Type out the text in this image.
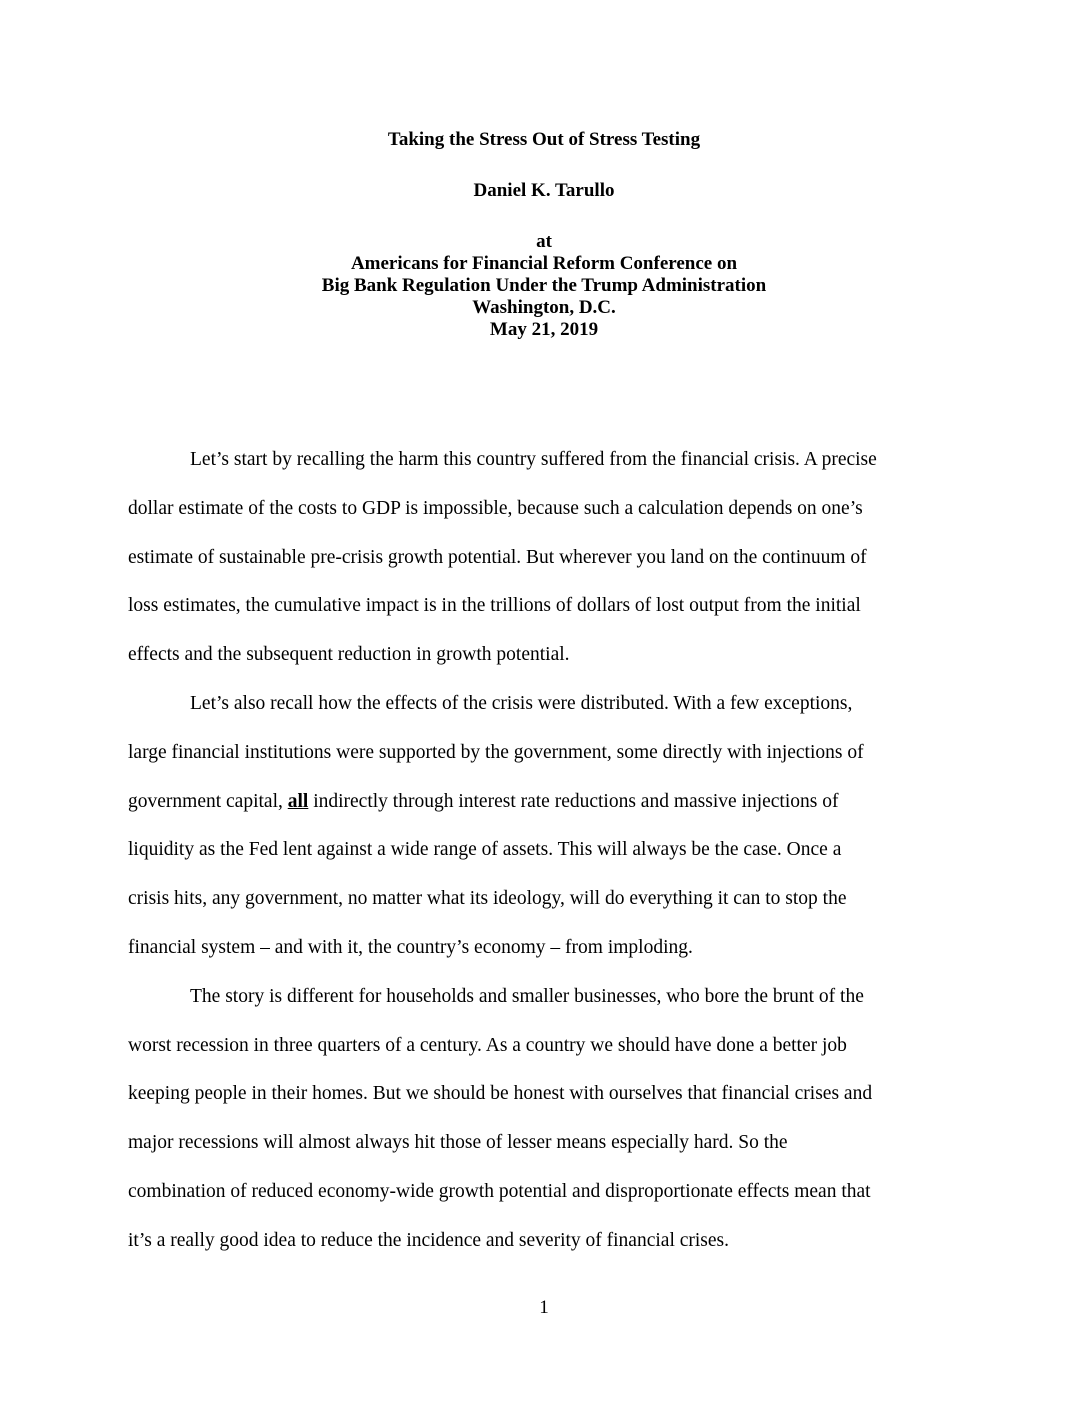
Taking the Stress Out of Stress Testing
Daniel K. Tarullo
at
Americans for Financial Reform Conference on
Big Bank Regulation Under the Trump Administration
Washington, D.C.
May 21, 2019
Let’s start by recalling the harm this country suffered from the financial crisis. A precise
dollar estimate of the costs to GDP is impossible, because such a calculation depends on one’s
estimate of sustainable pre-crisis growth potential. But wherever you land on the continuum of
loss estimates, the cumulative impact is in the trillions of dollars of lost output from the initial
effects and the subsequent reduction in growth potential.
Let’s also recall how the effects of the crisis were distributed. With a few exceptions,
large financial institutions were supported by the government, some directly with injections of
government capital, all indirectly through interest rate reductions and massive injections of
liquidity as the Fed lent against a wide range of assets. This will always be the case. Once a
crisis hits, any government, no matter what its ideology, will do everything it can to stop the
financial system – and with it, the country’s economy – from imploding.
The story is different for households and smaller businesses, who bore the brunt of the
worst recession in three quarters of a century. As a country we should have done a better job
keeping people in their homes. But we should be honest with ourselves that financial crises and
major recessions will almost always hit those of lesser means especially hard. So the
combination of reduced economy-wide growth potential and disproportionate effects mean that
it’s a really good idea to reduce the incidence and severity of financial crises.
1
